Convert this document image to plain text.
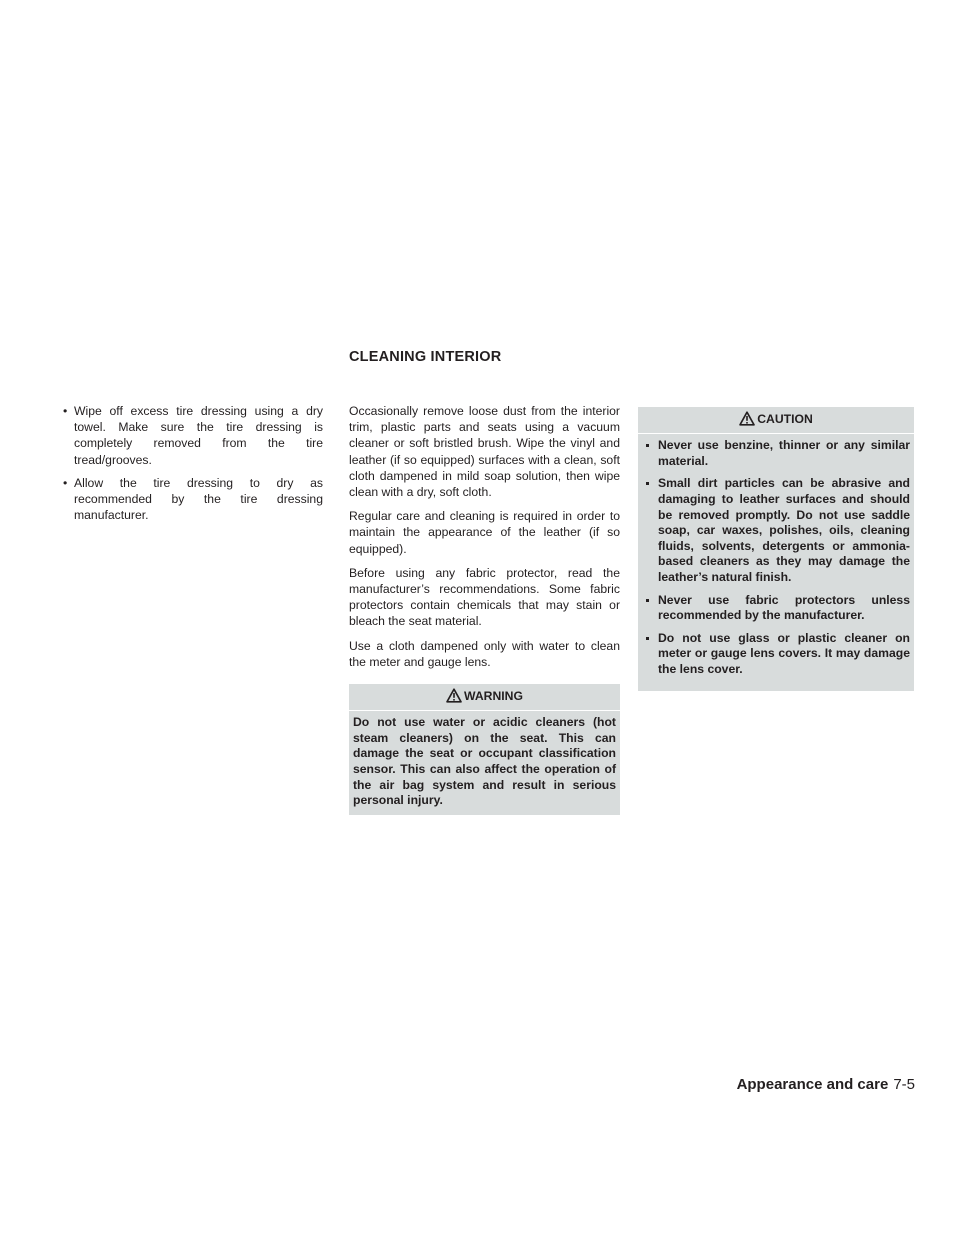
CLEANING INTERIOR
• Wipe off excess tire dressing using a dry towel. Make sure the tire dressing is completely removed from the tire tread/grooves.
• Allow the tire dressing to dry as recommended by the tire dressing manufacturer.

Occasionally remove loose dust from the interior trim, plastic parts and seats using a vacuum cleaner or soft bristled brush. Wipe the vinyl and leather (if so equipped) surfaces with a clean, soft cloth dampened in mild soap solution, then wipe clean with a dry, soft cloth.

Regular care and cleaning is required in order to maintain the appearance of the leather (if so equipped).

Before using any fabric protector, read the manufacturer’s recommendations. Some fabric protectors contain chemicals that may stain or bleach the seat material.

Use a cloth dampened only with water to clean the meter and gauge lens.

WARNING
Do not use water or acidic cleaners (hot steam cleaners) on the seat. This can damage the seat or occupant classification sensor. This can also affect the operation of the air bag system and result in serious personal injury.
CAUTION
Never use benzine, thinner or any similar material.
Small dirt particles can be abrasive and damaging to leather surfaces and should be removed promptly. Do not use saddle soap, car waxes, polishes, oils, cleaning fluids, solvents, detergents or ammonia-based cleaners as they may damage the leather’s natural finish.
Never use fabric protectors unless recommended by the manufacturer.
Do not use glass or plastic cleaner on meter or gauge lens covers. It may damage the lens cover.
Appearance and care 7-5
